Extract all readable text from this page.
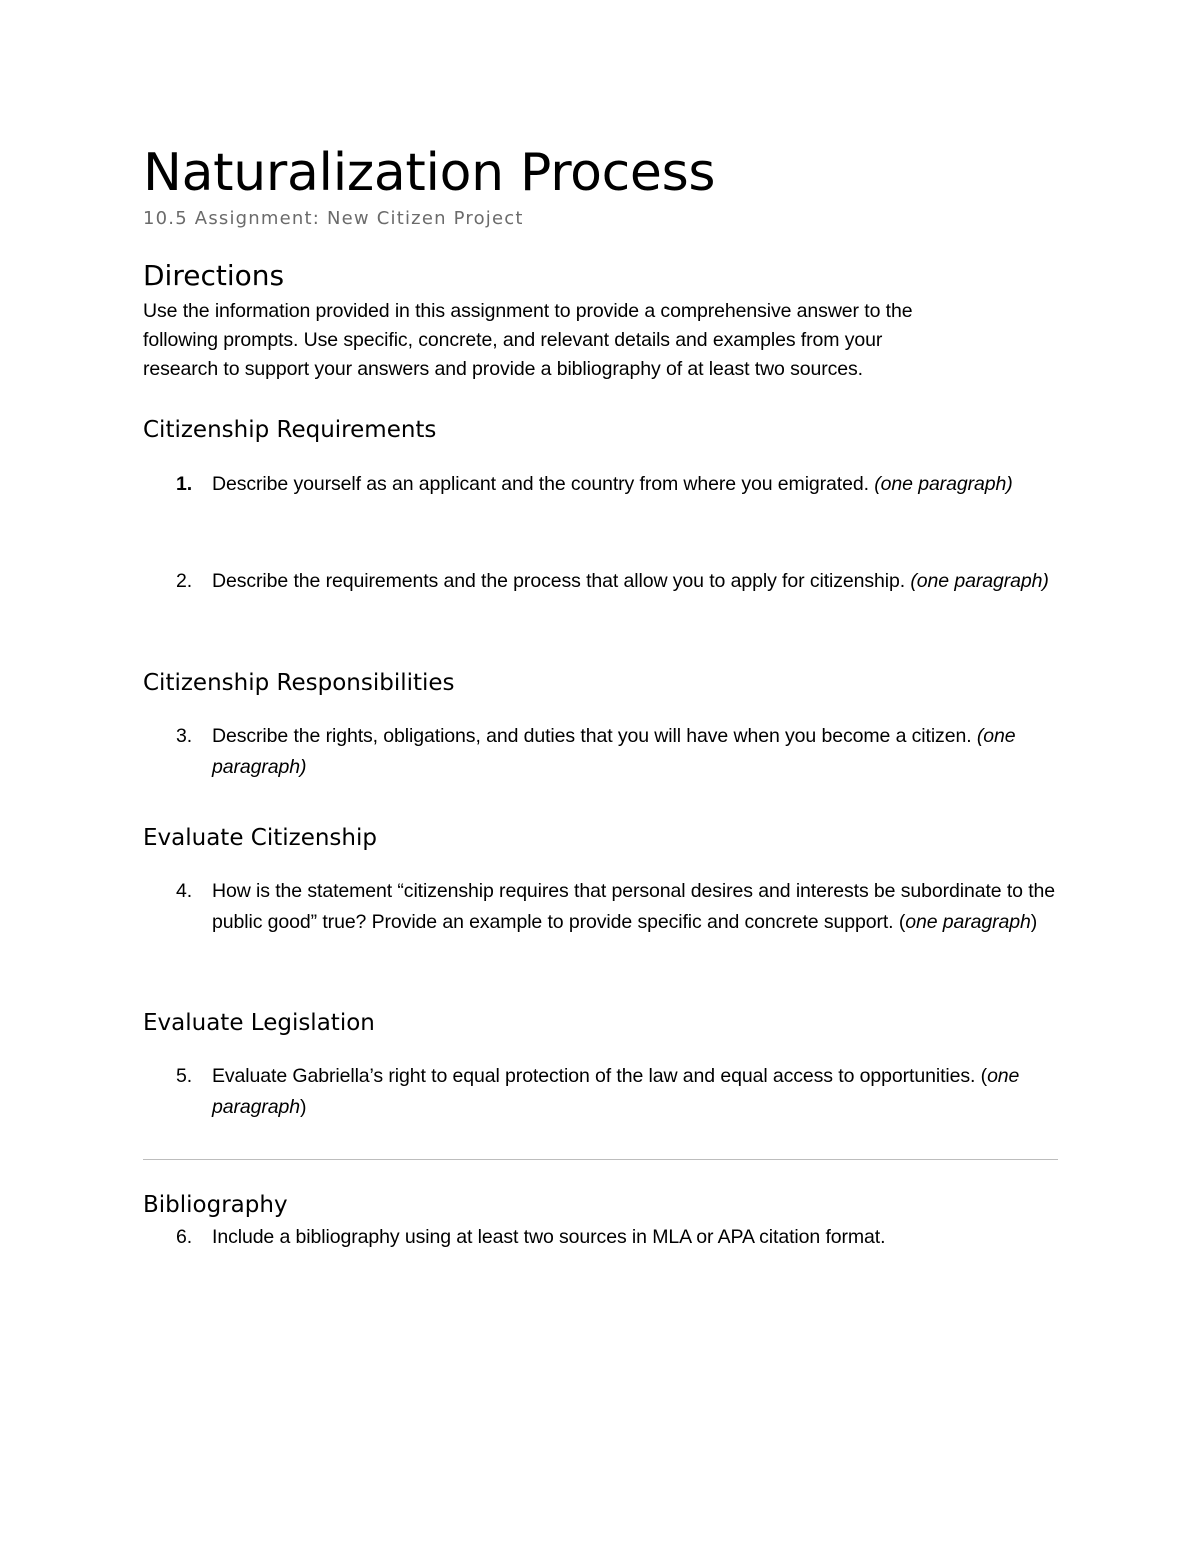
Naturalization Process
10.5 Assignment: New Citizen Project
Directions
Use the information provided in this assignment to provide a comprehensive answer to the
following prompts. Use specific, concrete, and relevant details and examples from your
research to support your answers and provide a bibliography of at least two sources.
Citizenship Requirements
1.	Describe yourself as an applicant and the country from where you emigrated. (one paragraph)

2.	Describe the requirements and the process that allow you to apply for citizenship. (one paragraph)

Citizenship Responsibilities
3.	Describe the rights, obligations, and duties that you will have when you become a citizen. (one paragraph)

Evaluate Citizenship
4.	How is the statement “citizenship requires that personal desires and interests be subordinate to the public good” true? Provide an example to provide specific and concrete support. (one paragraph)

Evaluate Legislation
5.	Evaluate Gabriella’s right to equal protection of the law and equal access to opportunities. (one paragraph)

Bibliography
6.	Include a bibliography using at least two sources in MLA or APA citation format.
